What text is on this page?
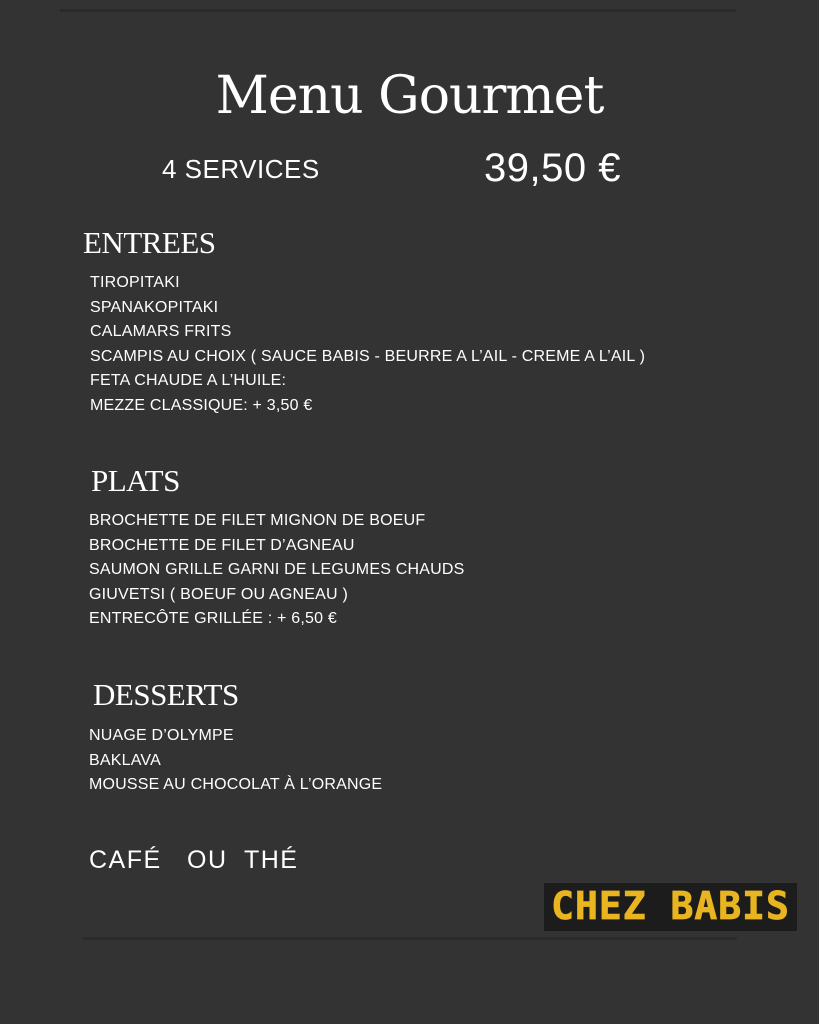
Menu Gourmet
4 SERVICES	39,50 €
ENTREES
TIROPITAKI
SPANAKOPITAKI
CALAMARS FRITS
SCAMPIS AU CHOIX ( SAUCE BABIS - BEURRE A L’AIL - CREME A L’AIL )
FETA CHAUDE A L’HUILE:
MEZZE CLASSIQUE: + 3,50 €
PLATS
BROCHETTE DE FILET MIGNON DE BOEUF
BROCHETTE DE FILET D’AGNEAU
SAUMON GRILLE GARNI DE LEGUMES CHAUDS
GIUVETSI ( BOEUF OU AGNEAU )
ENTRECÔTE GRILLÉE : + 6,50 €
DESSERTS
NUAGE D’OLYMPE
BAKLAVA
MOUSSE AU CHOCOLAT À L’ORANGE
CAFÉ   OU  THÉ
CHEZ BABIS
